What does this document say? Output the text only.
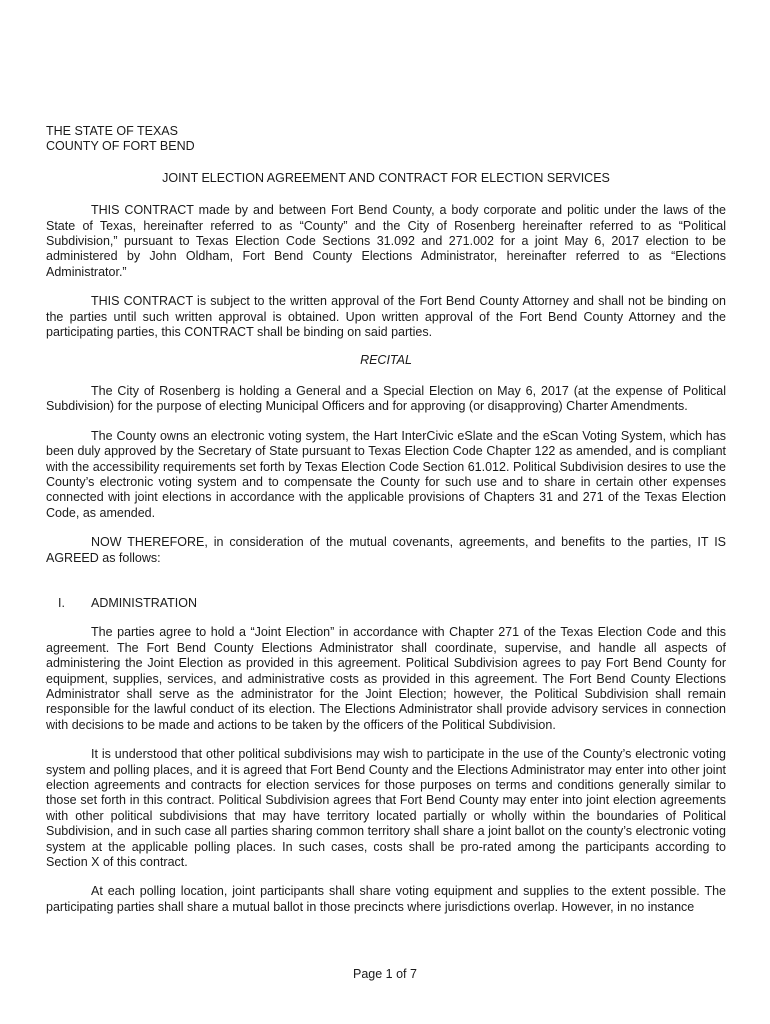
THE STATE OF TEXAS

COUNTY OF FORT BEND

JOINT ELECTION AGREEMENT AND CONTRACT FOR ELECTION SERVICES

THIS CONTRACT made by and between Fort Bend County, a body corporate and politic under the laws of the State of Texas, hereinafter referred to as “County” and the City of Rosenberg hereinafter referred to as “Political Subdivision,” pursuant to Texas Election Code Sections 31.092 and 271.002 for a joint May 6, 2017 election to be administered by John Oldham, Fort Bend County Elections Administrator, hereinafter referred to as “Elections Administrator.”

THIS CONTRACT is subject to the written approval of the Fort Bend County Attorney and shall not be binding on the parties until such written approval is obtained. Upon written approval of the Fort Bend County Attorney and the participating parties, this CONTRACT shall be binding on said parties.

RECITAL

The City of Rosenberg is holding a General and a Special Election on May 6, 2017 (at the expense of Political Subdivision) for the purpose of electing Municipal Officers and for approving (or disapproving) Charter Amendments.

The County owns an electronic voting system, the Hart InterCivic eSlate and the eScan Voting System, which has been duly approved by the Secretary of State pursuant to Texas Election Code Chapter 122 as amended, and is compliant with the accessibility requirements set forth by Texas Election Code Section 61.012. Political Subdivision desires to use the County’s electronic voting system and to compensate the County for such use and to share in certain other expenses connected with joint elections in accordance with the applicable provisions of Chapters 31 and 271 of the Texas Election Code, as amended.

NOW THEREFORE, in consideration of the mutual covenants, agreements, and benefits to the parties, IT IS AGREED as follows:

I.	ADMINISTRATION

The parties agree to hold a “Joint Election” in accordance with Chapter 271 of the Texas Election Code and this agreement. The Fort Bend County Elections Administrator shall coordinate, supervise, and handle all aspects of administering the Joint Election as provided in this agreement. Political Subdivision agrees to pay Fort Bend County for equipment, supplies, services, and administrative costs as provided in this agreement. The Fort Bend County Elections Administrator shall serve as the administrator for the Joint Election; however, the Political Subdivision shall remain responsible for the lawful conduct of its election. The Elections Administrator shall provide advisory services in connection with decisions to be made and actions to be taken by the officers of the Political Subdivision.

It is understood that other political subdivisions may wish to participate in the use of the County’s electronic voting system and polling places, and it is agreed that Fort Bend County and the Elections Administrator may enter into other joint election agreements and contracts for election services for those purposes on terms and conditions generally similar to those set forth in this contract. Political Subdivision agrees that Fort Bend County may enter into joint election agreements with other political subdivisions that may have territory located partially or wholly within the boundaries of Political Subdivision, and in such case all parties sharing common territory shall share a joint ballot on the county’s electronic voting system at the applicable polling places. In such cases, costs shall be pro-rated among the participants according to Section X of this contract.

At each polling location, joint participants shall share voting equipment and supplies to the extent possible. The participating parties shall share a mutual ballot in those precincts where jurisdictions overlap. However, in no instance

Page 1 of 7
